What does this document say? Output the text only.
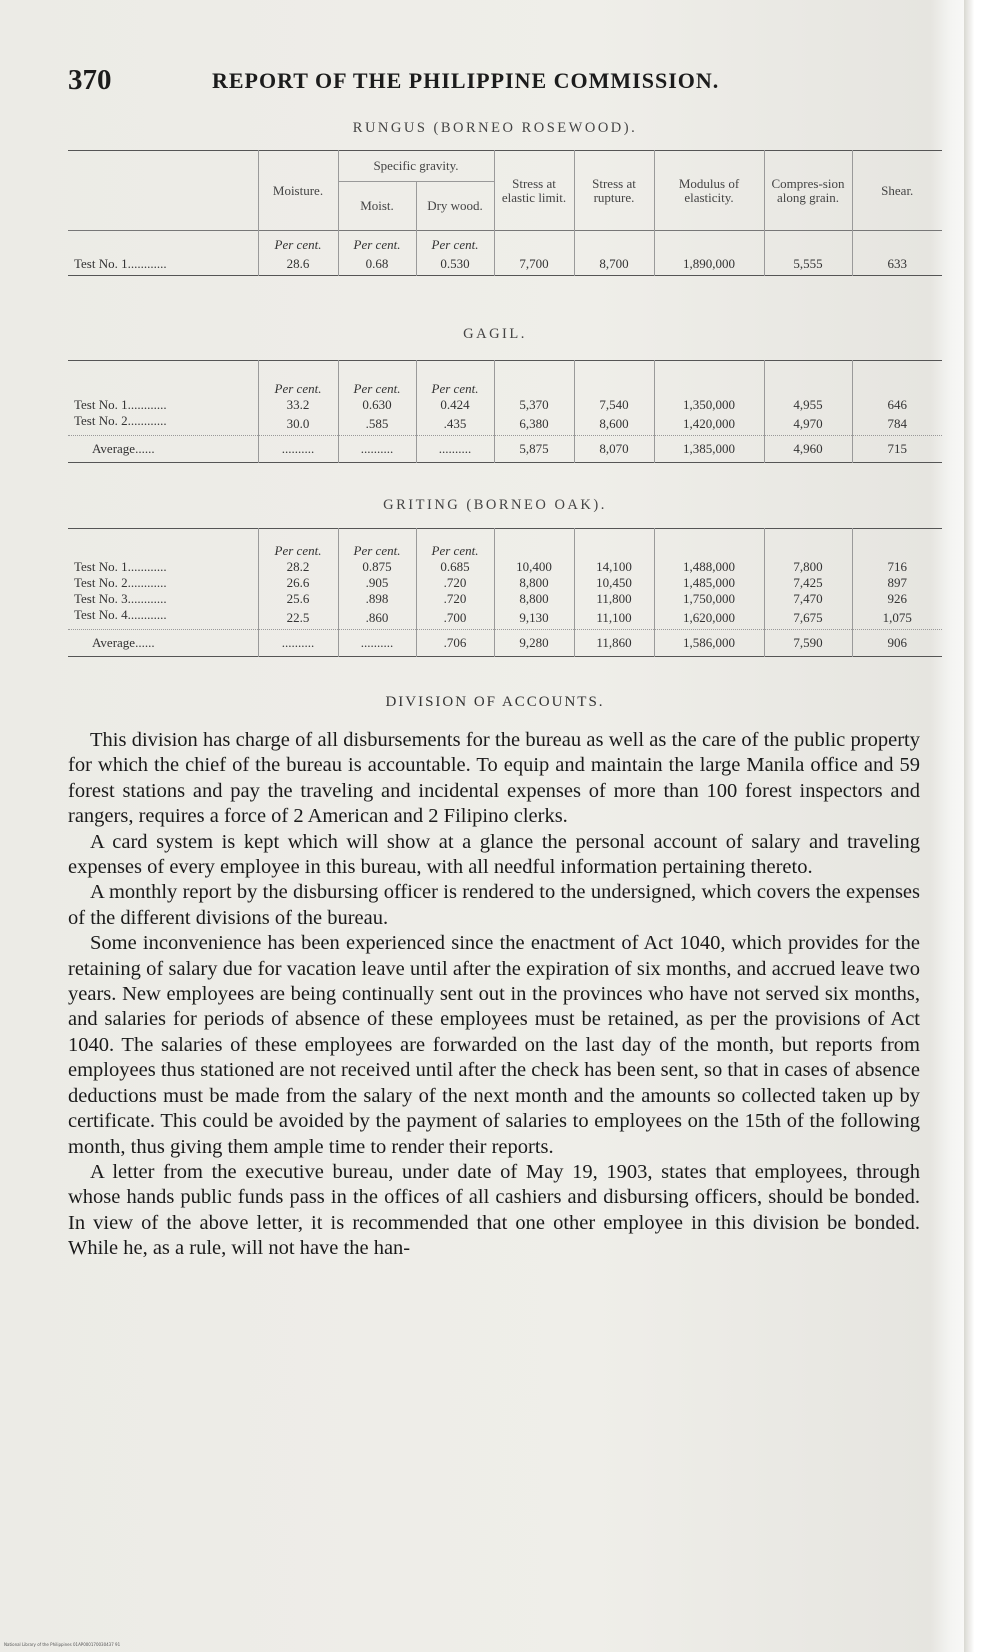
370	REPORT OF THE PHILIPPINE COMMISSION.
RUNGUS (BORNEO ROSEWOOD).
	Moisture.	Specific gravity.		Stress at elastic limit.	Stress at rupture.	Modulus of elasticity.	Compres-sion along grain.	Shear.
		Moist.	Dry wood.					

	Per cent.	Per cent.	Per cent.					
Test No. 1............	28.6	0.68	0.530	7,700	8,700	1,890,000	5,555	633
GAGIL.

	Per cent.	Per cent.	Per cent.					
Test No. 1............	33.2	0.630	0.424	5,370	7,540	1,350,000	4,955	646
Test No. 2............	30.0	.585	.435	6,380	8,600	1,420,000	4,970	784
Average......	..........	..........	..........	5,875	8,070	1,385,000	4,960	715
GRITING (BORNEO OAK).

	Per cent.	Per cent.	Per cent.					
Test No. 1............	28.2	0.875	0.685	10,400	14,100	1,488,000	7,800	716
Test No. 2............	26.6	.905	.720	8,800	10,450	1,485,000	7,425	897
Test No. 3............	25.6	.898	.720	8,800	11,800	1,750,000	7,470	926
Test No. 4............	22.5	.860	.700	9,130	11,100	1,620,000	7,675	1,075
Average......	..........	..........	.706	9,280	11,860	1,586,000	7,590	906
DIVISION OF ACCOUNTS.

This division has charge of all disbursements for the bureau as well as the care of the public property for which the chief of the bureau is accountable. To equip and maintain the large Manila office and 59 forest stations and pay the traveling and incidental expenses of more than 100 forest inspectors and rangers, requires a force of 2 American and 2 Filipino clerks.

A card system is kept which will show at a glance the personal account of salary and traveling expenses of every employee in this bureau, with all needful information pertaining thereto.

A monthly report by the disbursing officer is rendered to the undersigned, which covers the expenses of the different divisions of the bureau.

Some inconvenience has been experienced since the enactment of Act 1040, which provides for the retaining of salary due for vacation leave until after the expiration of six months, and accrued leave two years. New employees are being continually sent out in the provinces who have not served six months, and salaries for periods of absence of these employees must be retained, as per the provisions of Act 1040. The salaries of these employees are forwarded on the last day of the month, but reports from employees thus stationed are not received until after the check has been sent, so that in cases of absence deductions must be made from the salary of the next month and the amounts so collected taken up by certificate. This could be avoided by the payment of salaries to employees on the 15th of the following month, thus giving them ample time to render their reports.

A letter from the executive bureau, under date of May 19, 1903, states that employees, through whose hands public funds pass in the offices of all cashiers and disbursing officers, should be bonded. In view of the above letter, it is recommended that one other employee in this division be bonded. While he, as a rule, will not have the han-

National Library of the Philippines 01AP000170030437 91
